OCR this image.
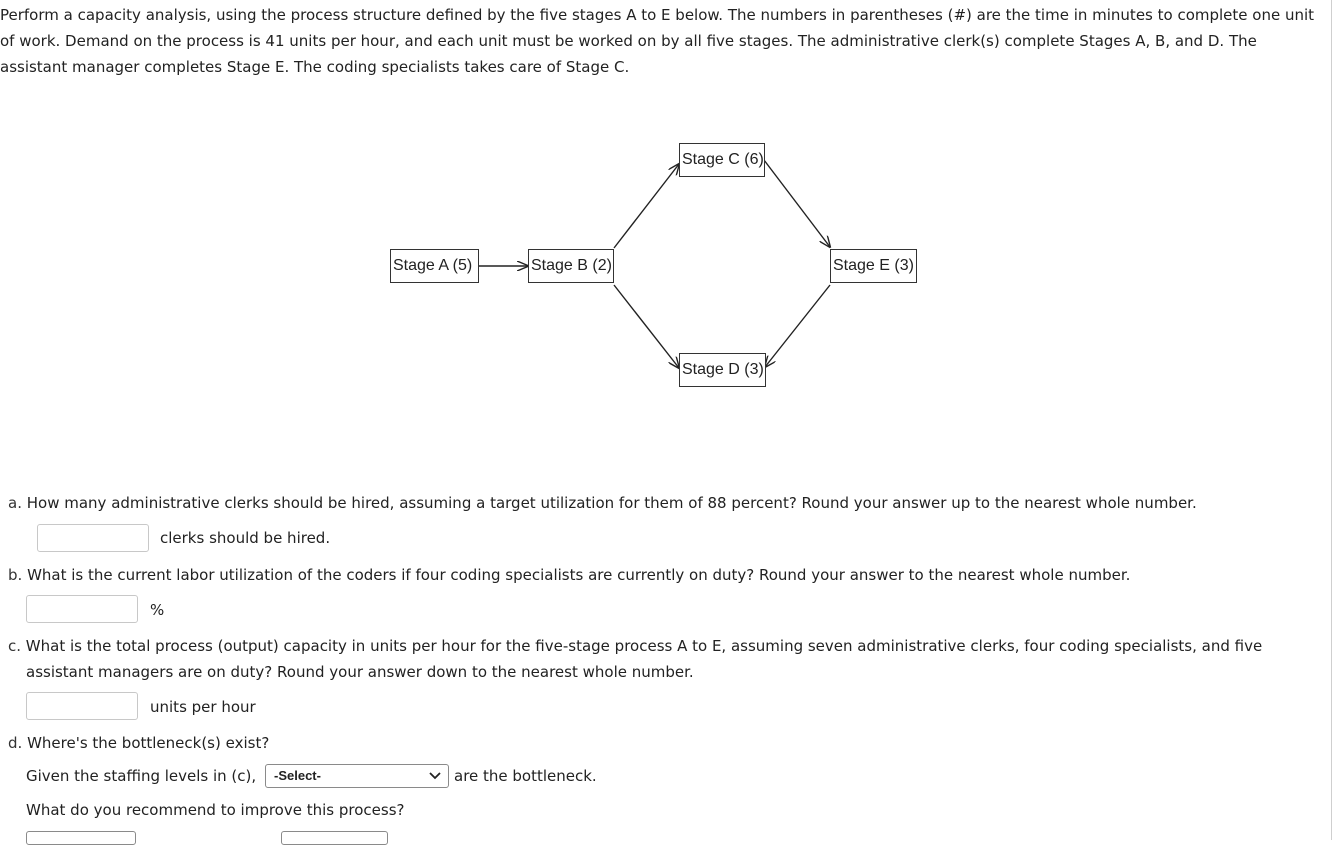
Perform a capacity analysis, using the process structure defined by the five stages A to E below. The numbers in parentheses (#) are the time in minutes to complete one unit of work. Demand on the process is 41 units per hour, and each unit must be worked on by all five stages. The administrative clerk(s) complete Stages A, B, and D. The assistant manager completes Stage E. The coding specialists takes care of Stage C.

Stage A (5)	Stage B (2)
Stage C (6)
Stage E (3)
Stage D (3)
a. How many administrative clerks should be hired, assuming a target utilization for them of 88 percent? Round your answer up to the nearest whole number.
clerks should be hired.
b. What is the current labor utilization of the coders if four coding specialists are currently on duty? Round your answer to the nearest whole number.
%
c. What is the total process (output) capacity in units per hour for the five-stage process A to E, assuming seven administrative clerks, four coding specialists, and five
assistant managers are on duty? Round your answer down to the nearest whole number.
units per hour
d. Where's the bottleneck(s) exist?
Given the staffing levels in (c),	-Select-	are the bottleneck.
What do you recommend to improve this process?
